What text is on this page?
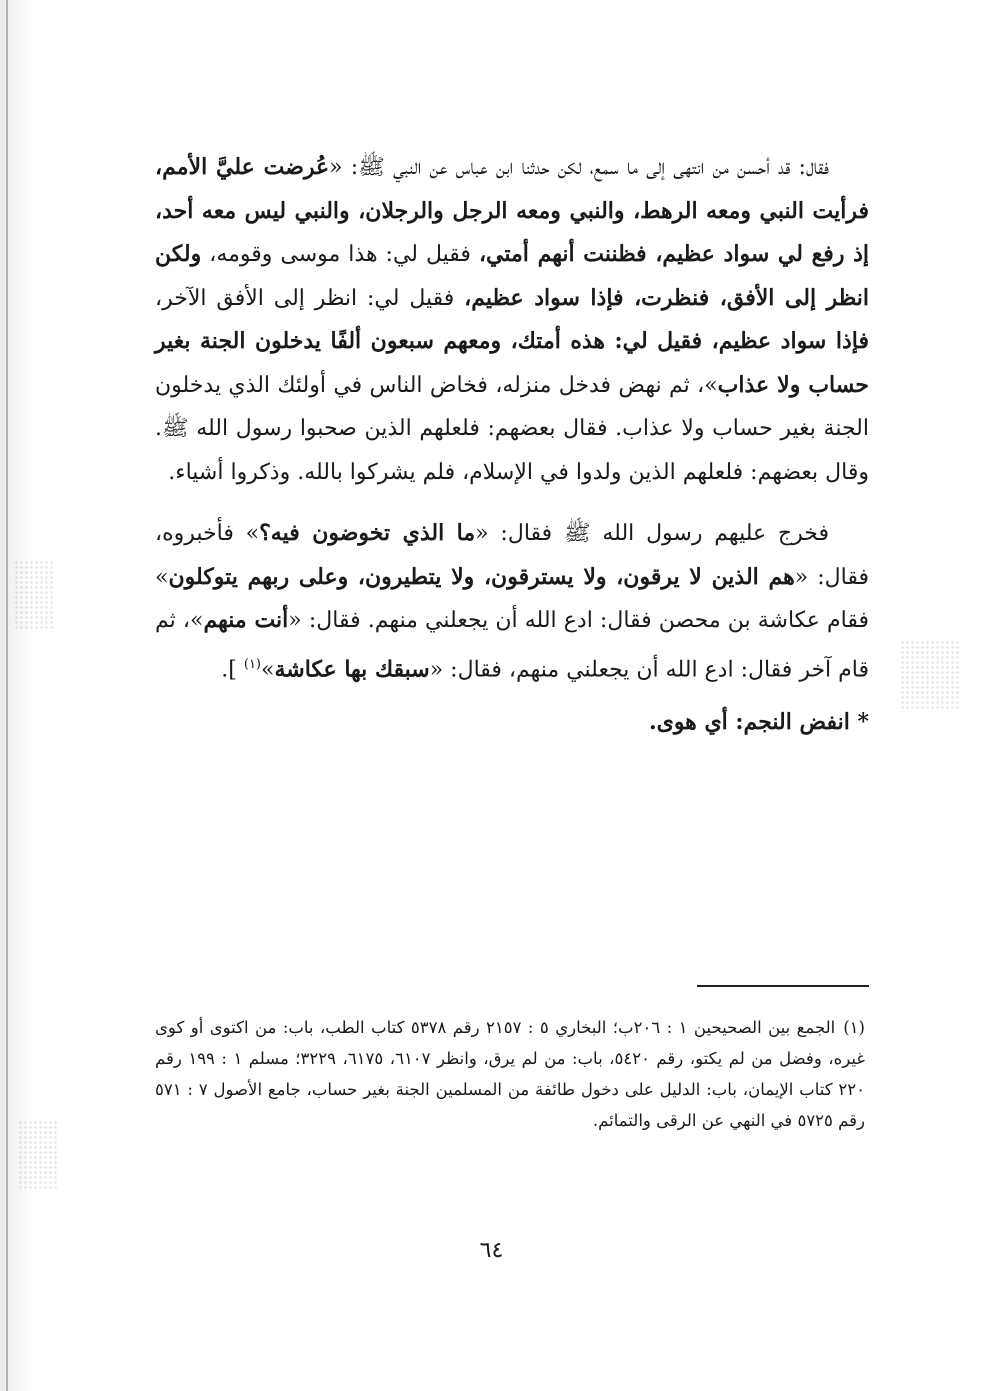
فقال: قد أحسن من انتهى إلى ما سمع، لكن حدثنا ابن عباس عن النبي ﷺ: «عُرضت عليَّ الأمم، فرأيت النبي ومعه الرهط، والنبي ومعه الرجل والرجلان، والنبي ليس معه أحد، إذ رفع لي سواد عظيم، فظننت أنهم أمتي، فقيل لي: هذا موسى وقومه، ولكن انظر إلى الأفق، فنظرت، فإذا سواد عظيم، فقيل لي: انظر إلى الأفق الآخر، فإذا سواد عظيم، فقيل لي: هذه أمتك، ومعهم سبعون ألفًا يدخلون الجنة بغير حساب ولا عذاب»، ثم نهض فدخل منزله، فخاض الناس في أولئك الذي يدخلون الجنة بغير حساب ولا عذاب. فقال بعضهم: فلعلهم الذين صحبوا رسول الله ﷺ. وقال بعضهم: فلعلهم الذين ولدوا في الإسلام، فلم يشركوا بالله. وذكروا أشياء.

فخرج عليهم رسول الله ﷺ فقال: «ما الذي تخوضون فيه؟» فأخبروه، فقال: «هم الذين لا يرقون، ولا يسترقون، ولا يتطيرون، وعلى ربهم يتوكلون» فقام عكاشة بن محصن فقال: ادع الله أن يجعلني منهم. فقال: «أنت منهم»، ثم قام آخر فقال: ادع الله أن يجعلني منهم، فقال: «سبقك بها عكاشة»$^{(١)}$ ].

* انفض النجم: أي هوى.
(١)الجمع بين الصحيحين ١ : ٢٠٦ب؛ البخاري ٥ : ٢١٥٧ رقم ٥٣٧٨ كتاب الطب، باب: من اكتوى أو كوى غيره، وفضل من لم يكتو، رقم ٥٤٢٠، باب: من لم يرق، وانظر ٦١٠٧، ٦١٧٥، ٣٢٢٩؛ مسلم ١ : ١٩٩ رقم ٢٢٠ كتاب الإيمان، باب: الدليل على دخول طائفة من المسلمين الجنة بغير حساب، جامع الأصول ٧ : ٥٧١ رقم ٥٧٢٥ في النهي عن الرقى والتمائم.
٦٤
